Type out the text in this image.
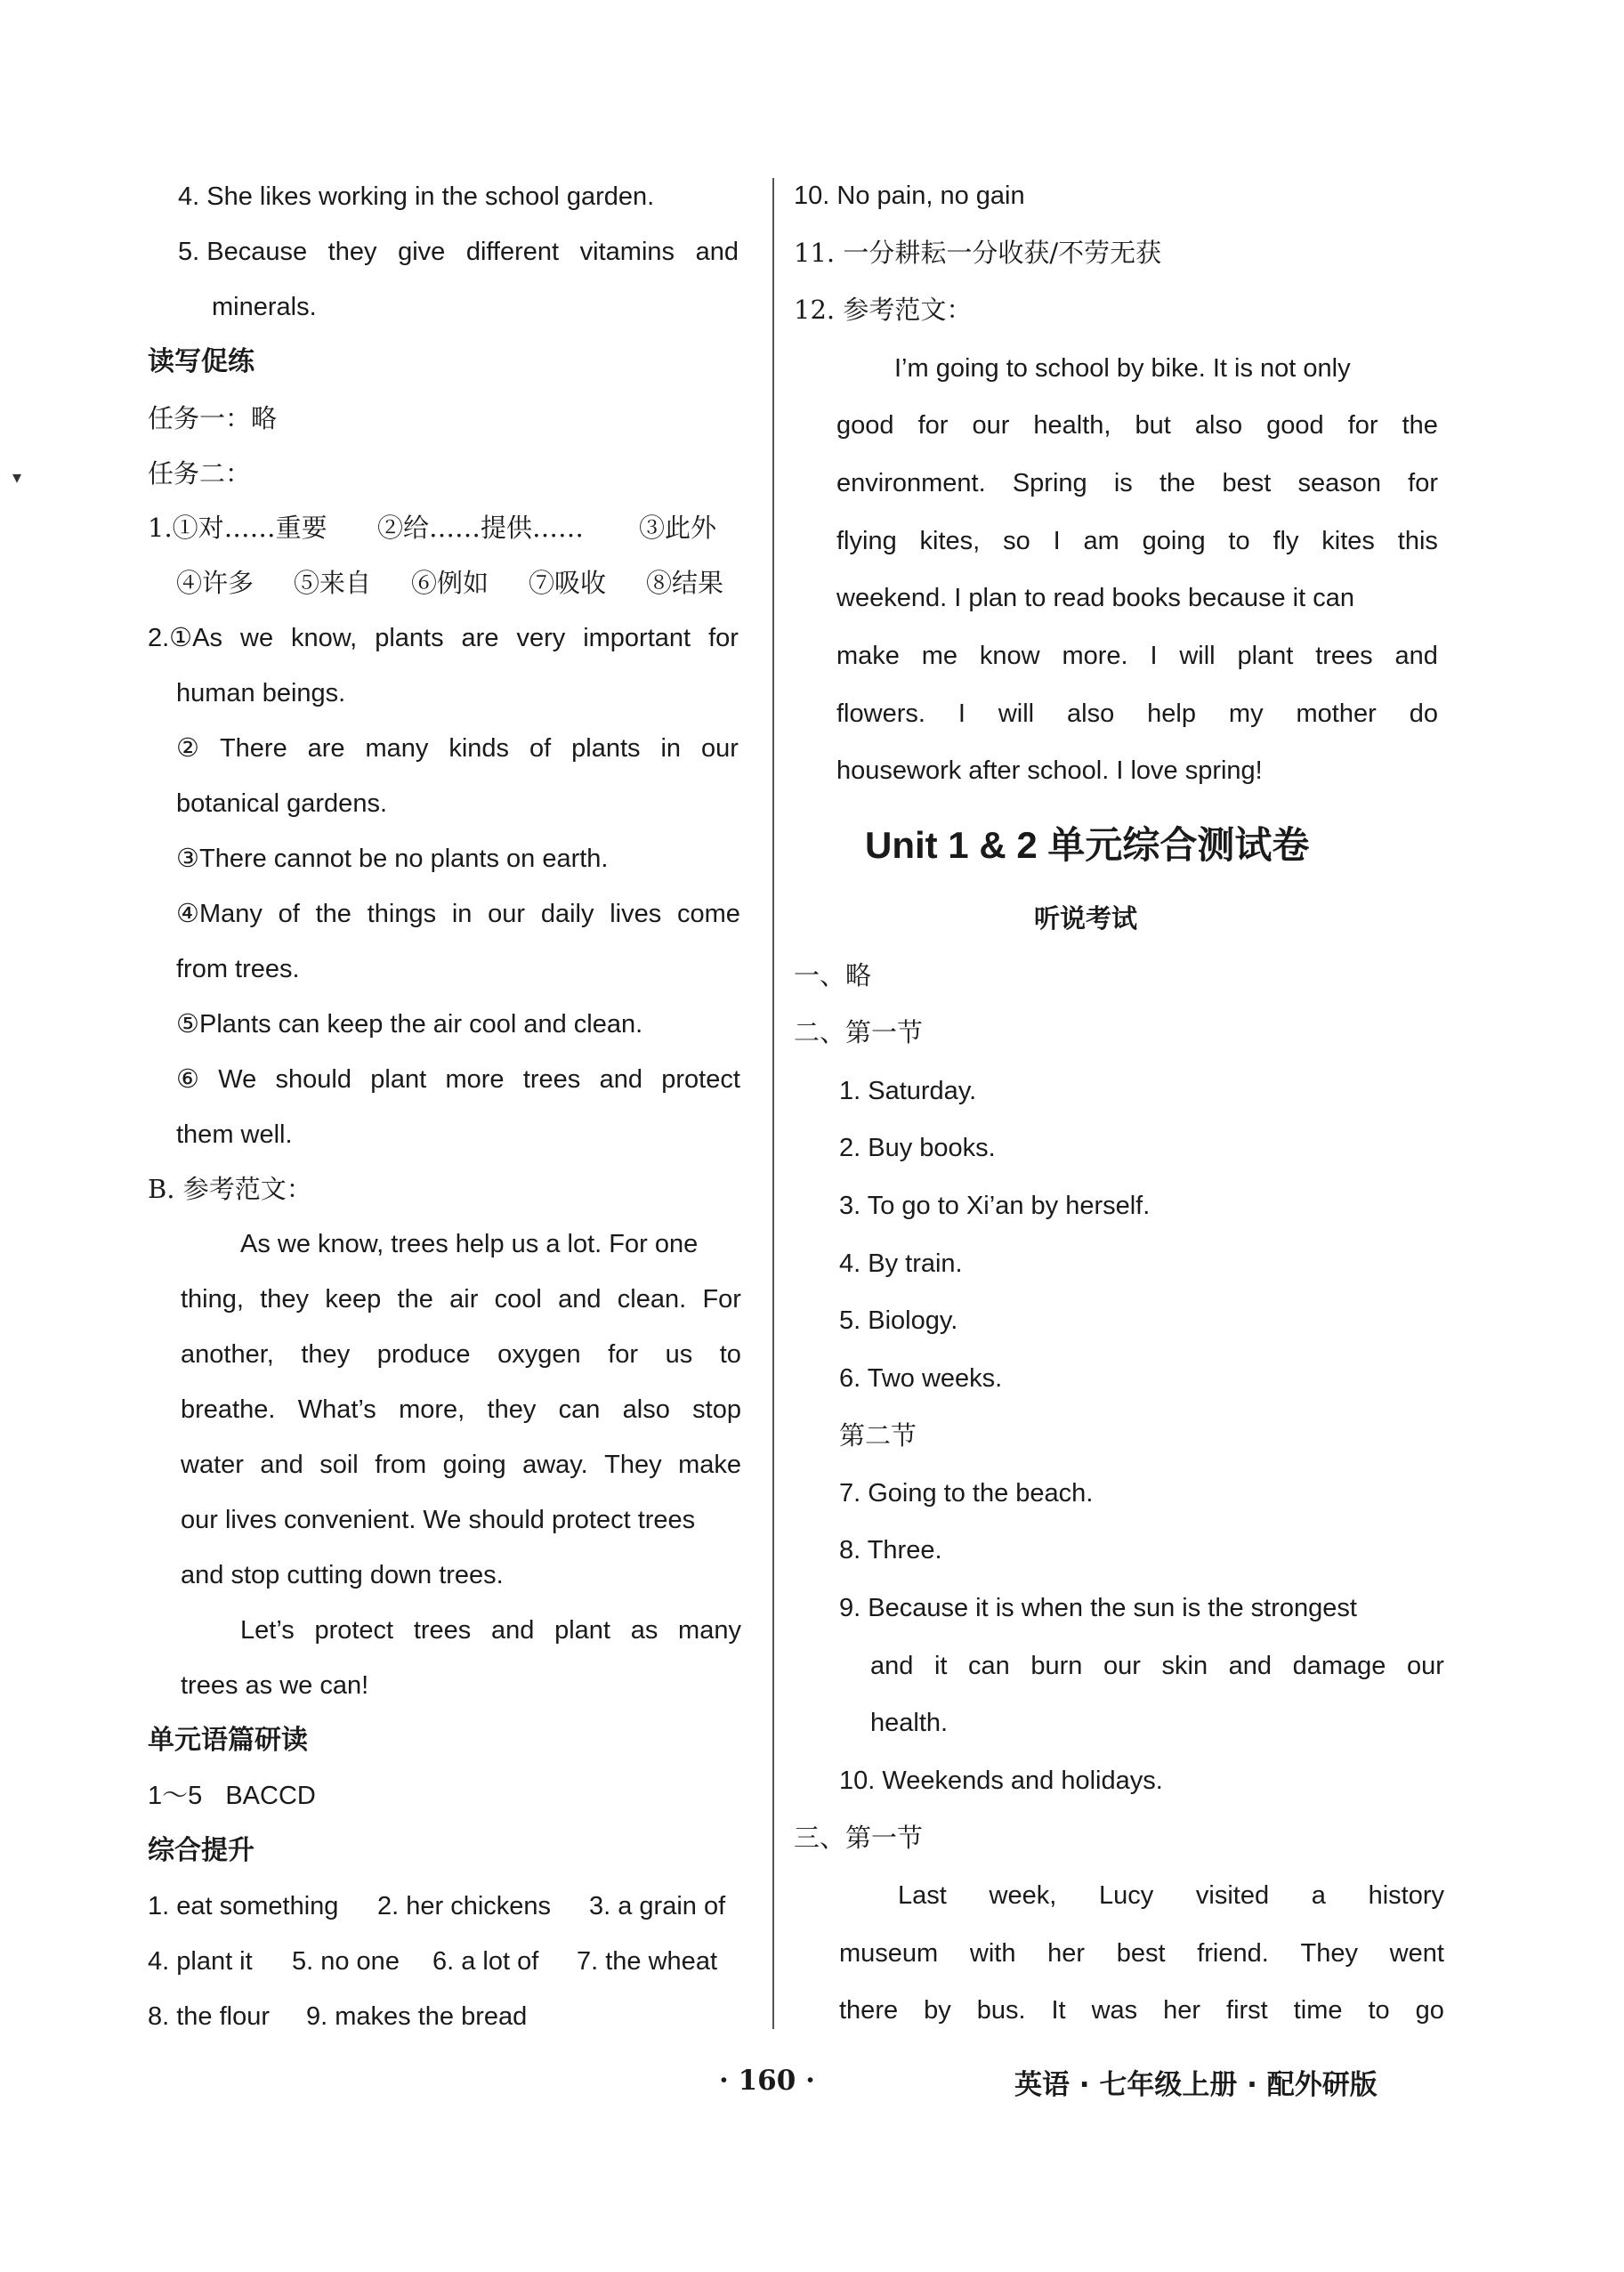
4. She likes working in the school garden.
5. Because they give different vitamins and
minerals.
读写促练
任务一：略
任务二：
1.①对……重要 ②给……提供…… ③此外
④许多 ⑤来自 ⑥例如 ⑦吸收 ⑧结果
2.①As we know, plants are very important for
human beings.
② There are many kinds of plants in our
botanical gardens.
③There cannot be no plants on earth.
④Many of the things in our daily lives come
from trees.
⑤Plants can keep the air cool and clean.
⑥ We should plant more trees and protect
them well.
B. 参考范文：
As we know, trees help us a lot. For one
thing, they keep the air cool and clean. For
another, they produce oxygen for us to
breathe. What’s more, they can also stop
water and soil from going away. They make
our lives convenient. We should protect trees
and stop cutting down trees.
Let’s protect trees and plant as many
trees as we can!
单元语篇研读
1～5 BACCD
综合提升
1. eat something 2. her chickens 3. a grain of
4. plant it 5. no one 6. a lot of 7. the wheat
8. the flour 9. makes the bread
10. No pain, no gain
11. 一分耕耘一分收获/不劳无获
12. 参考范文：
I’m going to school by bike. It is not only
good for our health, but also good for the
environment. Spring is the best season for
flying kites, so I am going to fly kites this
weekend. I plan to read books because it can
make me know more. I will plant trees and
flowers. I will also help my mother do
housework after school. I love spring!
Unit 1 & 2 单元综合测试卷
听说考试
一、略
二、第一节
1. Saturday.
2. Buy books.
3. To go to Xi’an by herself.
4. By train.
5. Biology.
6. Two weeks.
第二节
7. Going to the beach.
8. Three.
9. Because it is when the sun is the strongest
and it can burn our skin and damage our
health.
10. Weekends and holidays.
三、第一节
Last week, Lucy visited a history
museum with her best friend. They went
there by bus. It was her first time to go
▾
· 160 ·	英语 · 七年级上册 · 配外研版
